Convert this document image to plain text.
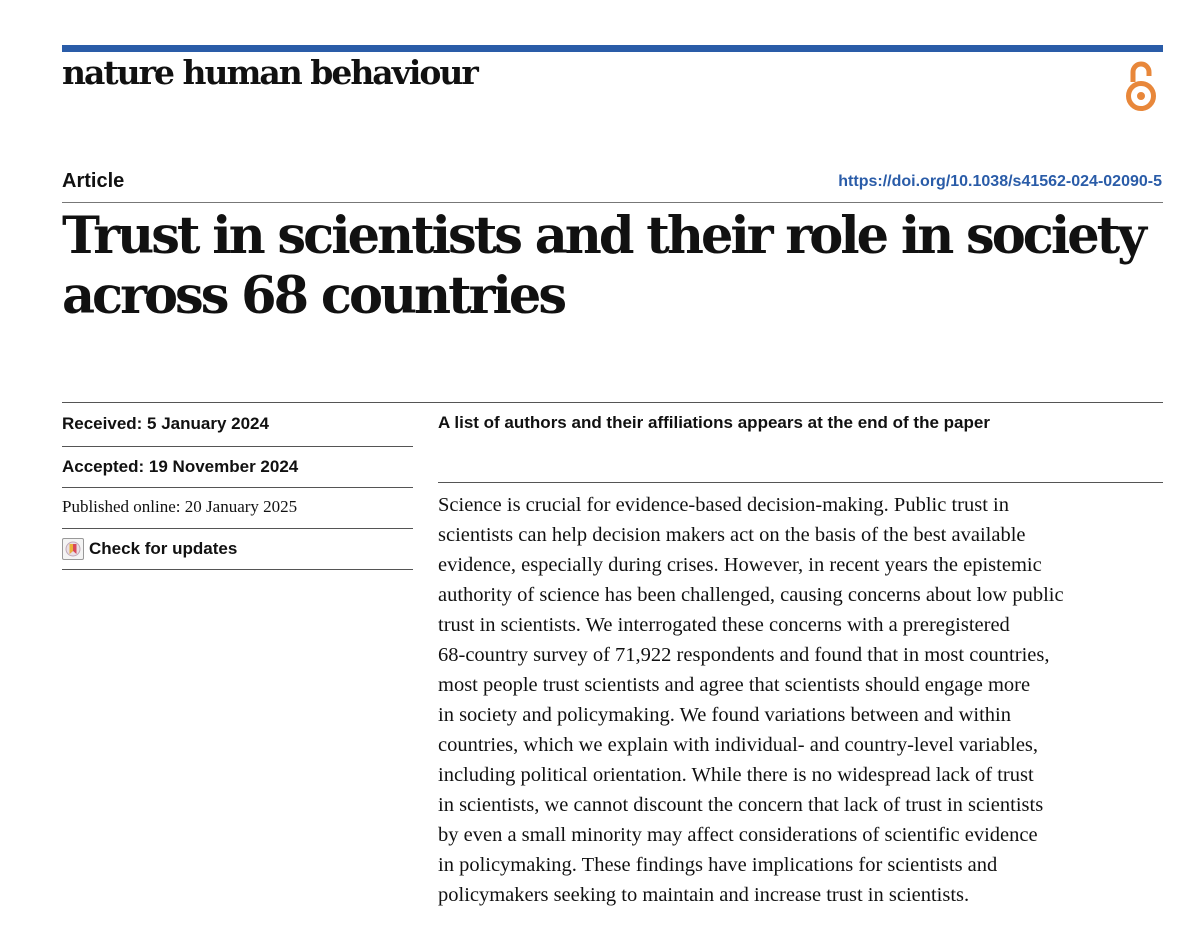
nature human behaviour
Article	https://doi.org/10.1038/s41562-024-02090-5
Trust in scientists and their role in society across 68 countries
Received: 5 January 2024
Accepted: 19 November 2024
Published online: 20 January 2025
Check for updates
A list of authors and their affiliations appears at the end of the paper
Science is crucial for evidence-based decision-making. Public trust in
scientists can help decision makers act on the basis of the best available
evidence, especially during crises. However, in recent years the epistemic
authority of science has been challenged, causing concerns about low public
trust in scientists. We interrogated these concerns with a preregistered
68-country survey of 71,922 respondents and found that in most countries,
most people trust scientists and agree that scientists should engage more
in society and policymaking. We found variations between and within
countries, which we explain with individual- and country-level variables,
including political orientation. While there is no widespread lack of trust
in scientists, we cannot discount the concern that lack of trust in scientists
by even a small minority may affect considerations of scientific evidence
in policymaking. These findings have implications for scientists and
policymakers seeking to maintain and increase trust in scientists.
